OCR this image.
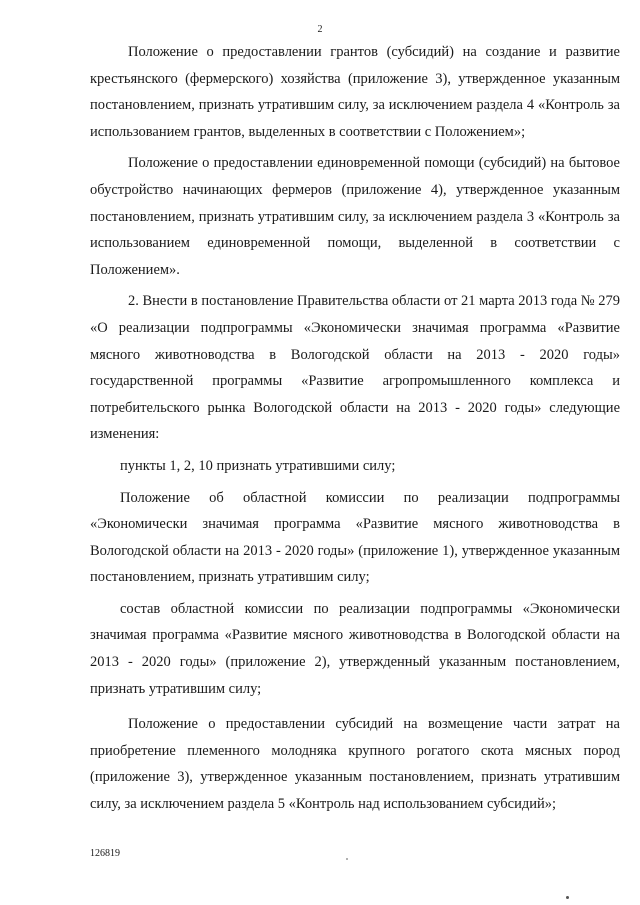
2

Положение о предоставлении грантов (субсидий) на создание и развитие крестьянского (фермерского) хозяйства (приложение 3), утвержденное указанным постановлением, признать утратившим силу, за исключением раздела 4 «Контроль за использованием грантов, выделенных в соответствии с Положением»;

Положение о предоставлении единовременной помощи (субсидий) на бытовое обустройство начинающих фермеров (приложение 4), утвержденное указанным постановлением, признать утратившим силу, за исключением раздела 3 «Контроль за использованием единовременной помощи, выделенной в соответствии с Положением».

2. Внести в постановление Правительства области от 21 марта 2013 года № 279 «О реализации подпрограммы «Экономически значимая программа «Развитие мясного животноводства в Вологодской области на 2013 - 2020 годы» государственной программы «Развитие агропромышленного комплекса и потребительского рынка Вологодской области на 2013 - 2020 годы» следующие изменения:

пункты 1, 2, 10 признать утратившими силу;

Положение об областной комиссии по реализации подпрограммы «Экономически значимая программа «Развитие мясного животноводства в Вологодской области на 2013 - 2020 годы» (приложение 1), утвержденное указанным постановлением, признать утратившим силу;

состав областной комиссии по реализации подпрограммы «Экономически значимая программа «Развитие мясного животноводства в Вологодской области на 2013 - 2020 годы» (приложение 2), утвержденный указанным постановлением, признать утратившим силу;

Положение о предоставлении субсидий на возмещение части затрат на приобретение племенного молодняка крупного рогатого скота мясных пород (приложение 3), утвержденное указанным постановлением, признать утратившим силу, за исключением раздела 5 «Контроль над использованием субсидий»;

126819
